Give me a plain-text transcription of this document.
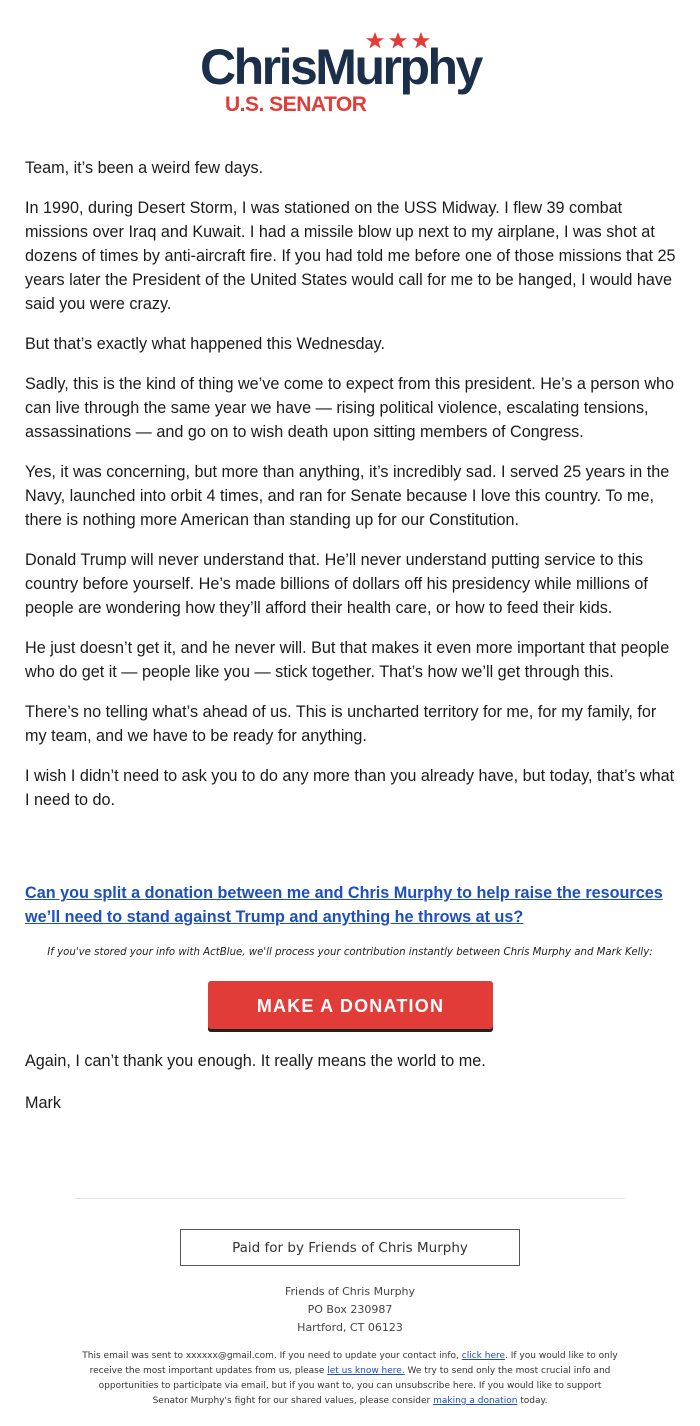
ChrisMurphy
U.S. SENATOR

Team, it’s been a weird few days.

In 1990, during Desert Storm, I was stationed on the USS Midway. I flew 39 combat missions over Iraq and Kuwait. I had a missile blow up next to my airplane, I was shot at dozens of times by anti-aircraft fire. If you had told me before one of those missions that 25 years later the President of the United States would call for me to be hanged, I would have said you were crazy.

But that’s exactly what happened this Wednesday.

Sadly, this is the kind of thing we’ve come to expect from this president. He’s a person who can live through the same year we have — rising political violence, escalating tensions, assassinations — and go on to wish death upon sitting members of Congress.

Yes, it was concerning, but more than anything, it’s incredibly sad. I served 25 years in the Navy, launched into orbit 4 times, and ran for Senate because I love this country. To me, there is nothing more American than standing up for our Constitution.

Donald Trump will never understand that. He’ll never understand putting service to this country before yourself. He’s made billions of dollars off his presidency while millions of people are wondering how they’ll afford their health care, or how to feed their kids.

He just doesn’t get it, and he never will. But that makes it even more important that people who do get it — people like you — stick together. That’s how we’ll get through this.

There’s no telling what’s ahead of us. This is uncharted territory for me, for my family, for my team, and we have to be ready for anything.

I wish I didn’t need to ask you to do any more than you already have, but today, that’s what I need to do.

Can you split a donation between me and Chris Murphy to help raise the resources we’ll need to stand against Trump and anything he throws at us?
If you've stored your info with ActBlue, we'll process your contribution instantly between Chris Murphy and Mark Kelly:
MAKE A DONATION

Again, I can’t thank you enough. It really means the world to me.

Mark

Paid for by Friends of Chris Murphy
Friends of Chris Murphy
PO Box 230987
Hartford, CT 06123
This email was sent to xxxxxx@gmail.com. If you need to update your contact info, click here. If you would like to only receive the most important updates from us, please let us know here. We try to send only the most crucial info and opportunities to participate via email, but if you want to, you can unsubscribe here. If you would like to support Senator Murphy's fight for our shared values, please consider making a donation today.
